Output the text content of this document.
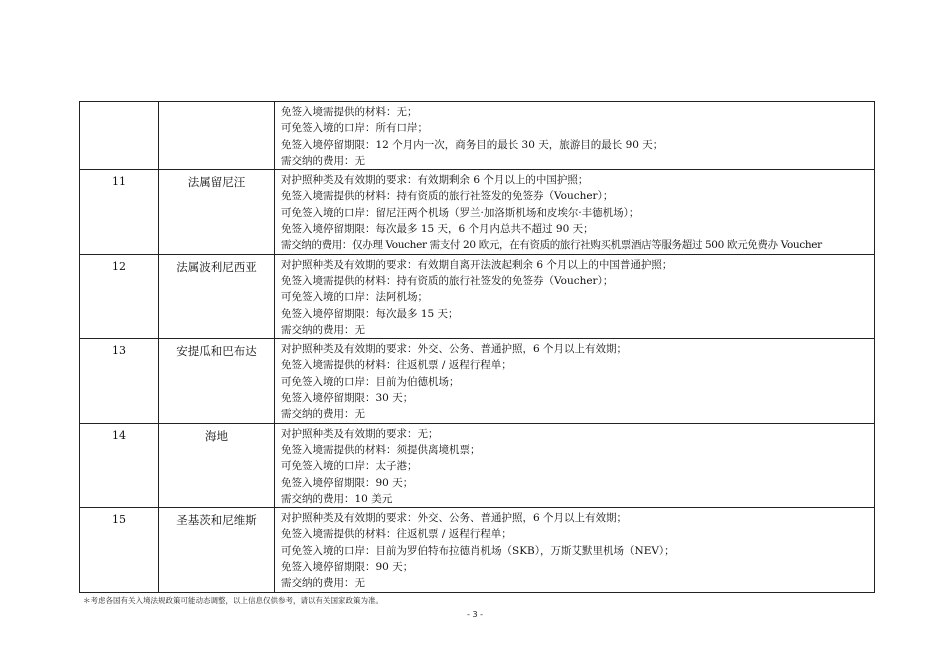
		免签入境需提供的材料：无；
可免签入境的口岸：所有口岸；
免签入境停留期限：12 个月内一次，商务目的最长 30 天，旅游目的最长 90 天；
需交纳的费用：无

11	法属留尼汪	对护照种类及有效期的要求：有效期剩余 6 个月以上的中国护照；
免签入境需提供的材料：持有资质的旅行社签发的免签券（Voucher）；
可免签入境的口岸：留尼汪两个机场（罗兰·加洛斯机场和皮埃尔·丰德机场）；
免签入境停留期限：每次最多 15 天，6 个月内总共不超过 90 天；
需交纳的费用：仅办理 Voucher 需支付 20 欧元，在有资质的旅行社购买机票酒店等服务超过 500 欧元免费办 Voucher

12	法属波利尼西亚	对护照种类及有效期的要求：有效期自离开法波起剩余 6 个月以上的中国普通护照；
免签入境需提供的材料：持有资质的旅行社签发的免签券（Voucher）；
可免签入境的口岸：法阿机场；
免签入境停留期限：每次最多 15 天；
需交纳的费用：无

13	安提瓜和巴布达	对护照种类及有效期的要求：外交、公务、普通护照，6 个月以上有效期；
免签入境需提供的材料：往返机票 / 返程行程单；
可免签入境的口岸：目前为伯德机场；
免签入境停留期限：30 天；
需交纳的费用：无

14	海地	对护照种类及有效期的要求：无；
免签入境需提供的材料：须提供离境机票；
可免签入境的口岸：太子港；
免签入境停留期限：90 天；
需交纳的费用：10 美元

15	圣基茨和尼维斯	对护照种类及有效期的要求：外交、公务、普通护照，6 个月以上有效期；
免签入境需提供的材料：往返机票 / 返程行程单；
可免签入境的口岸：目前为罗伯特布拉德肖机场（SKB），万斯艾默里机场（NEV）；
免签入境停留期限：90 天；
需交纳的费用：无
＊考虑各国有关入境法规政策可能动态调整，以上信息仅供参考，请以有关国家政策为准。
- 3 -
